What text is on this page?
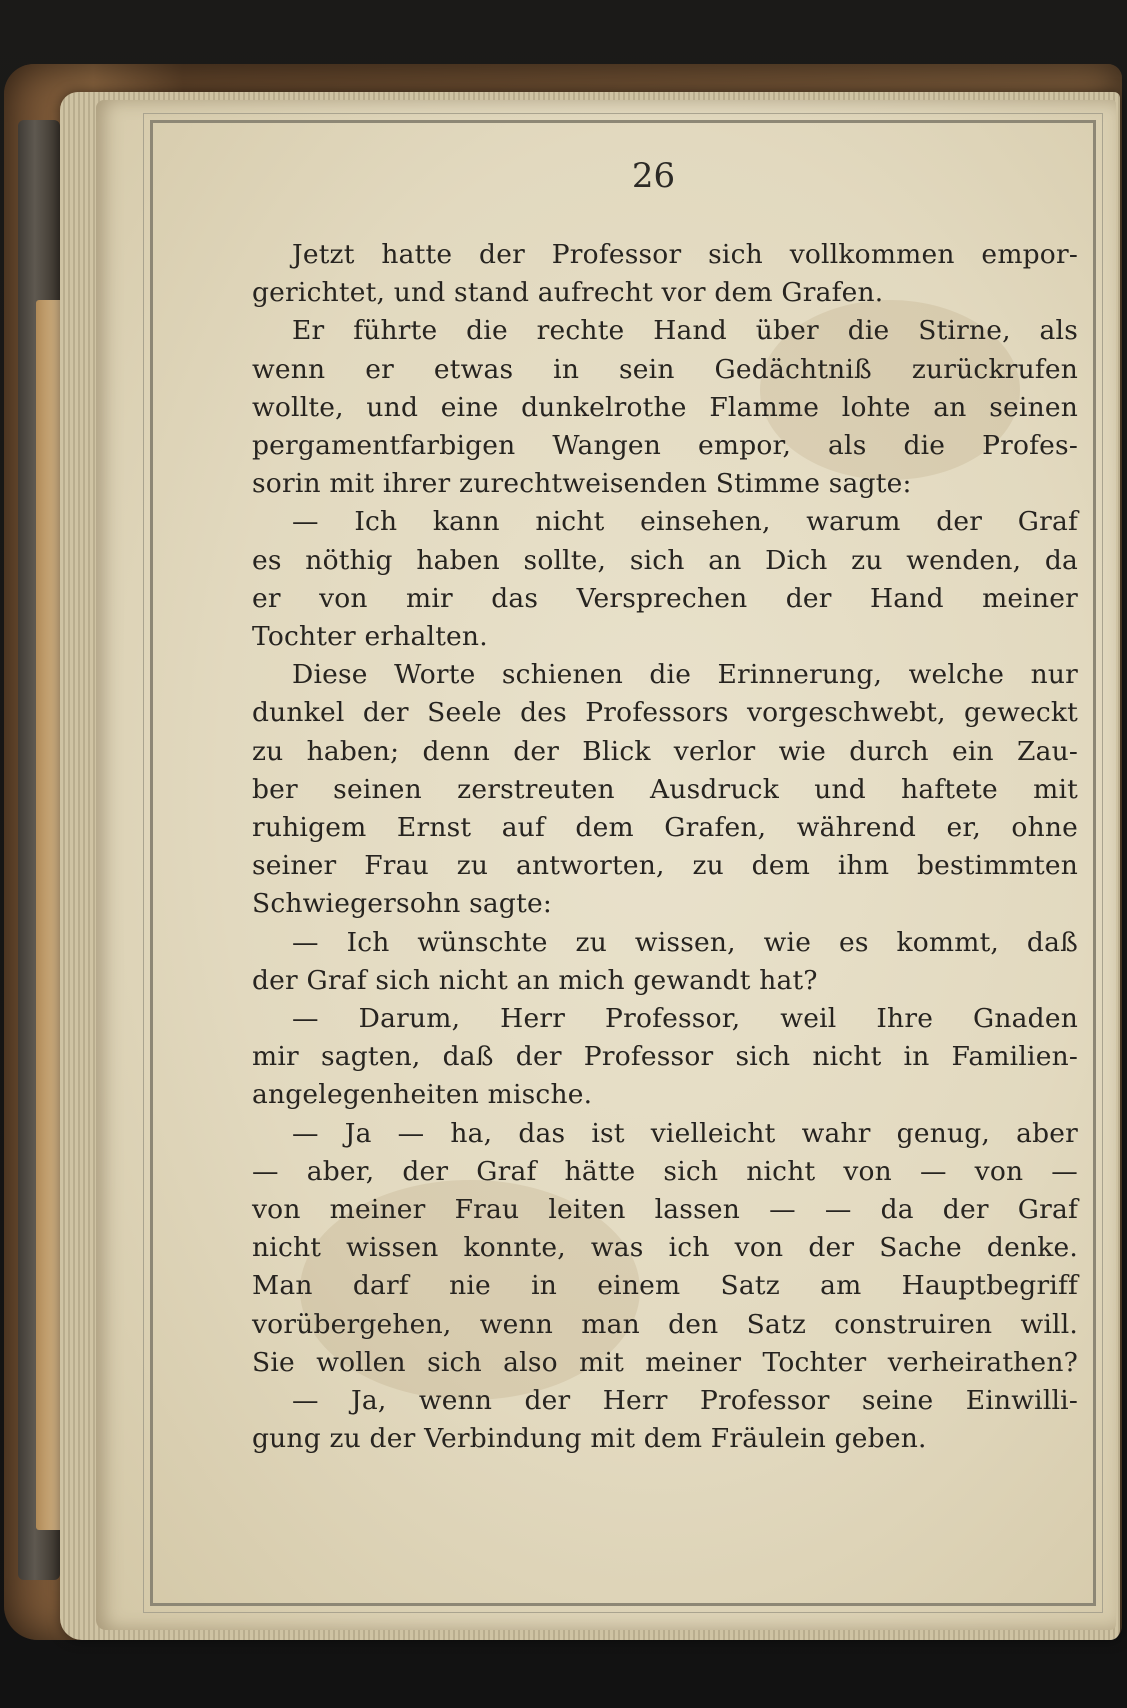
26
Jetzt hatte der Professor sich vollkommen empor-
gerichtet, und stand aufrecht vor dem Grafen.
Er führte die rechte Hand über die Stirne, als
wenn er etwas in sein Gedächtniß zurückrufen
wollte, und eine dunkelrothe Flamme lohte an seinen
pergamentfarbigen Wangen empor, als die Profes-
sorin mit ihrer zurechtweisenden Stimme sagte:
— Ich kann nicht einsehen, warum der Graf
es nöthig haben sollte, sich an Dich zu wenden, da
er von mir das Versprechen der Hand meiner
Tochter erhalten.
Diese Worte schienen die Erinnerung, welche nur
dunkel der Seele des Professors vorgeschwebt, geweckt
zu haben; denn der Blick verlor wie durch ein Zau-
ber seinen zerstreuten Ausdruck und haftete mit
ruhigem Ernst auf dem Grafen, während er, ohne
seiner Frau zu antworten, zu dem ihm bestimmten
Schwiegersohn sagte:
— Ich wünschte zu wissen, wie es kommt, daß
der Graf sich nicht an mich gewandt hat?
— Darum, Herr Professor, weil Ihre Gnaden
mir sagten, daß der Professor sich nicht in Familien-
angelegenheiten mische.
— Ja — ha, das ist vielleicht wahr genug, aber
— aber, der Graf hätte sich nicht von — von —
von meiner Frau leiten lassen — — da der Graf
nicht wissen konnte, was ich von der Sache denke.
Man darf nie in einem Satz am Hauptbegriff
vorübergehen, wenn man den Satz construiren will.
Sie wollen sich also mit meiner Tochter verheirathen?
— Ja, wenn der Herr Professor seine Einwilli-
gung zu der Verbindung mit dem Fräulein geben.
